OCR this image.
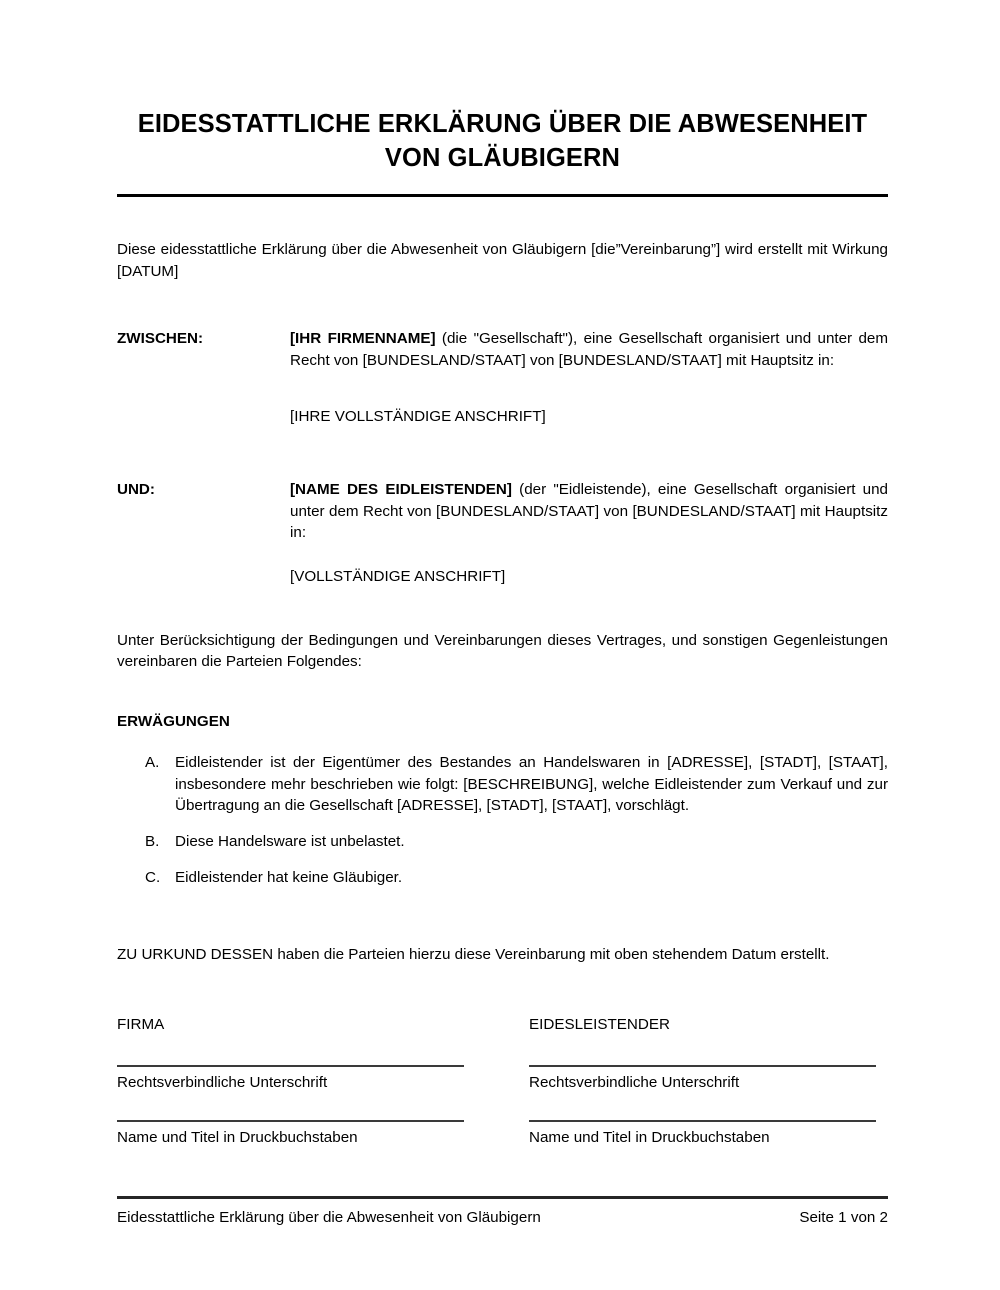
EIDESSTATTLICHE ERKLÄRUNG ÜBER DIE ABWESENHEIT VON GLÄUBIGERN

Diese eidesstattliche Erklärung über die Abwesenheit von Gläubigern [die”Vereinbarung”] wird erstellt mit Wirkung [DATUM]

ZWISCHEN:	[IHR FIRMENNAME] (die "Gesellschaft"), eine Gesellschaft organisiert und unter dem Recht von [BUNDESLAND/STAAT] von [BUNDESLAND/STAAT] mit Hauptsitz in:
[IHRE VOLLSTÄNDIGE ANSCHRIFT]
UND:	[NAME DES EIDLEISTENDEN] (der "Eidleistende), eine Gesellschaft organisiert und unter dem Recht von [BUNDESLAND/STAAT] von [BUNDESLAND/STAAT] mit Hauptsitz in:
[VOLLSTÄNDIGE ANSCHRIFT]

Unter Berücksichtigung der Bedingungen und Vereinbarungen dieses Vertrages, und sonstigen Gegenleistungen vereinbaren die Parteien Folgendes:

ERWÄGUNGEN
A.	Eidleistender ist der Eigentümer des Bestandes an Handelswaren in [ADRESSE], [STADT], [STAAT], insbesondere mehr beschrieben wie folgt: [BESCHREIBUNG], welche Eidleistender zum Verkauf und zur Übertragung an die Gesellschaft [ADRESSE], [STADT], [STAAT], vorschlägt.
B.	Diese Handelsware ist unbelastet.
C. Eidleistender hat keine Gläubiger.

ZU URKUND DESSEN haben die Parteien hierzu diese Vereinbarung mit oben stehendem Datum erstellt.

FIRMA	EIDESLEISTENDER
Rechtsverbindliche Unterschrift	Rechtsverbindliche Unterschrift
Name und Titel in Druckbuchstaben	Name und Titel in Druckbuchstaben
Eidesstattliche Erklärung über die Abwesenheit von Gläubigern	Seite 1 von 2
